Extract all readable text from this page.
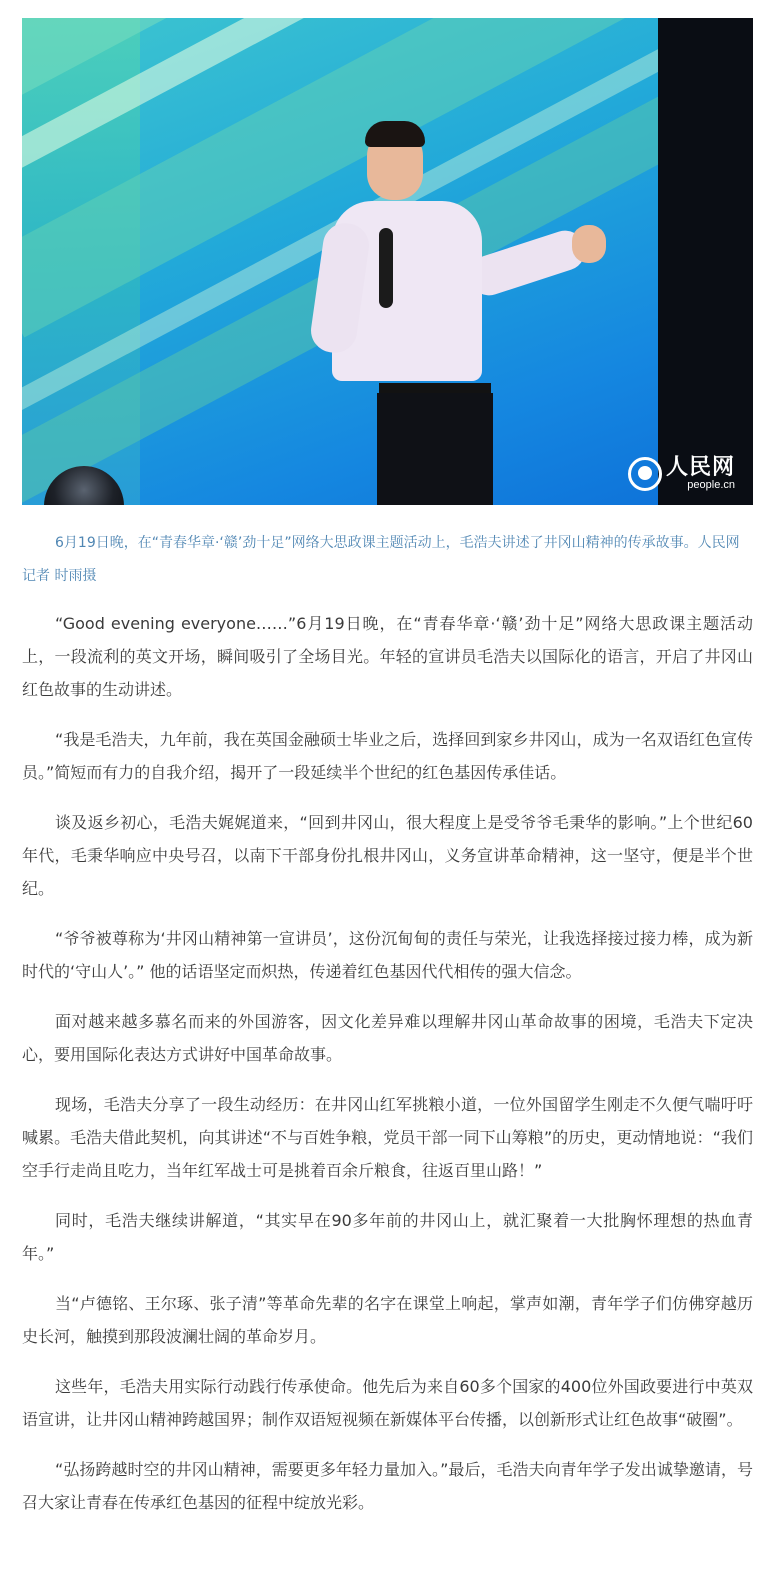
人民网
people.cn

6月19日晚，在“青春华章·‘赣’劲十足”网络大思政课主题活动上，毛浩夫讲述了井冈山精神的传承故事。人民网记者 时雨摄

“Good evening everyone……”6月19日晚，在“青春华章·‘赣’劲十足”网络大思政课主题活动上，一段流利的英文开场，瞬间吸引了全场目光。年轻的宣讲员毛浩夫以国际化的语言，开启了井冈山红色故事的生动讲述。

“我是毛浩夫，九年前，我在英国金融硕士毕业之后，选择回到家乡井冈山，成为一名双语红色宣传员。”简短而有力的自我介绍，揭开了一段延续半个世纪的红色基因传承佳话。

谈及返乡初心，毛浩夫娓娓道来，“回到井冈山，很大程度上是受爷爷毛秉华的影响。”上个世纪60年代，毛秉华响应中央号召，以南下干部身份扎根井冈山，义务宣讲革命精神，这一坚守，便是半个世纪。

“爷爷被尊称为‘井冈山精神第一宣讲员’，这份沉甸甸的责任与荣光，让我选择接过接力棒，成为新时代的‘守山人’。” 他的话语坚定而炽热，传递着红色基因代代相传的强大信念。

面对越来越多慕名而来的外国游客，因文化差异难以理解井冈山革命故事的困境，毛浩夫下定决心，要用国际化表达方式讲好中国革命故事。

现场，毛浩夫分享了一段生动经历：在井冈山红军挑粮小道，一位外国留学生刚走不久便气喘吁吁喊累。毛浩夫借此契机，向其讲述“不与百姓争粮，党员干部一同下山筹粮”的历史，更动情地说：“我们空手行走尚且吃力，当年红军战士可是挑着百余斤粮食，往返百里山路！”

同时，毛浩夫继续讲解道，“其实早在90多年前的井冈山上，就汇聚着一大批胸怀理想的热血青年。”

当“卢德铭、王尔琢、张子清”等革命先辈的名字在课堂上响起，掌声如潮，青年学子们仿佛穿越历史长河，触摸到那段波澜壮阔的革命岁月。

这些年，毛浩夫用实际行动践行传承使命。他先后为来自60多个国家的400位外国政要进行中英双语宣讲，让井冈山精神跨越国界；制作双语短视频在新媒体平台传播，以创新形式让红色故事“破圈”。

“弘扬跨越时空的井冈山精神，需要更多年轻力量加入。”最后，毛浩夫向青年学子发出诚挚邀请，号召大家让青春在传承红色基因的征程中绽放光彩。
